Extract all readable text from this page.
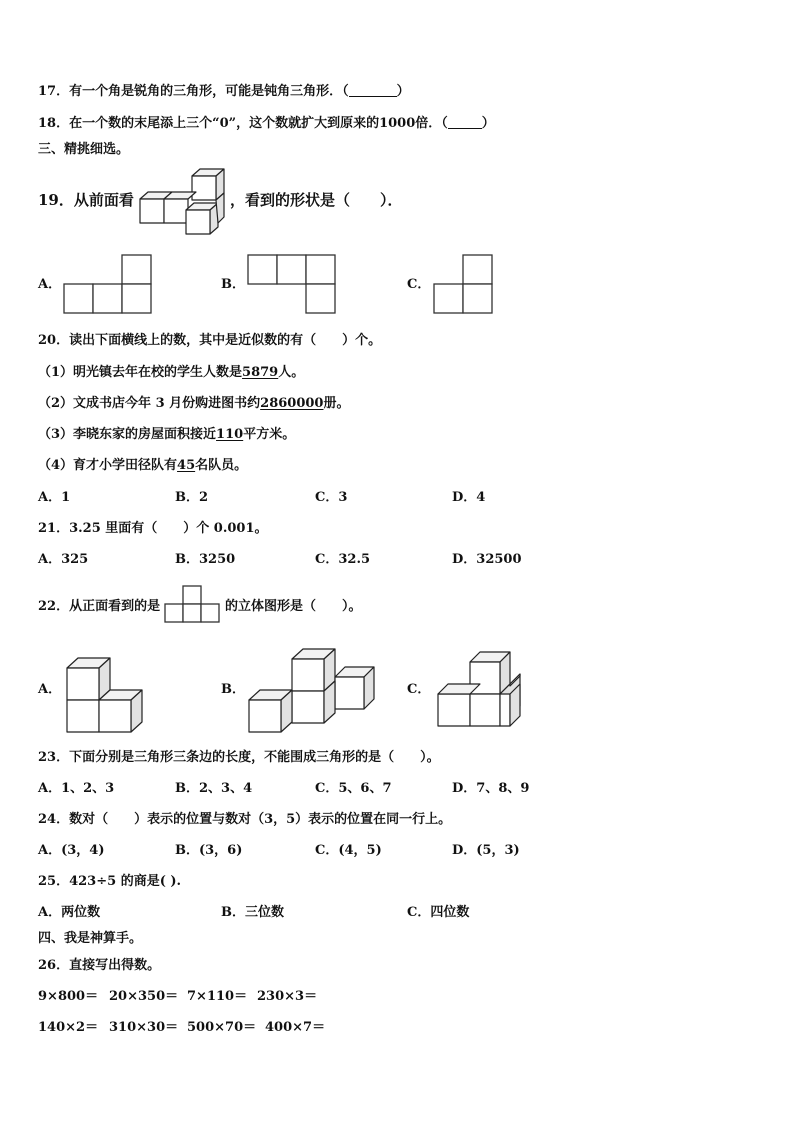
17．有一个角是锐角的三角形，可能是钝角三角形．（	）
18．在一个数的末尾添上三个“0”，这个数就扩大到原来的1000倍．（	）
三、精挑细选。
19．从前面看	，看到的形状是（　　）．
A．	B．	C．
20．读出下面横线上的数，其中是近似数的有（　　）个。
（1）明光镇去年在校的学生人数是5879人。
（2）文成书店今年 3 月份购进图书约2860000册。
（3）李晓东家的房屋面积接近110平方米。
（4）育才小学田径队有45名队员。
A．1	B．2	C．3	D．4
21．3.25 里面有（　　）个 0.001。
A．325	B．3250	C．32.5	D．32500
22．从正面看到的是	的立体图形是（　　）。
A．	B．	C．
23．下面分别是三角形三条边的长度，不能围成三角形的是（　　）。
A．1、2、3	B．2、3、4	C．5、6、7	D．7、8、9
24．数对（　　）表示的位置与数对（3，5）表示的位置在同一行上。
A．(3，4)	B．(3，6)	C．(4，5)	D．(5，3)
25．423÷5 的商是( ).
A．两位数	B．三位数	C．四位数
四、我是神算手。
26．直接写出得数。
9×800＝ 20×350＝ 7×110＝ 230×3＝
140×2＝ 310×30＝ 500×70＝ 400×7＝
